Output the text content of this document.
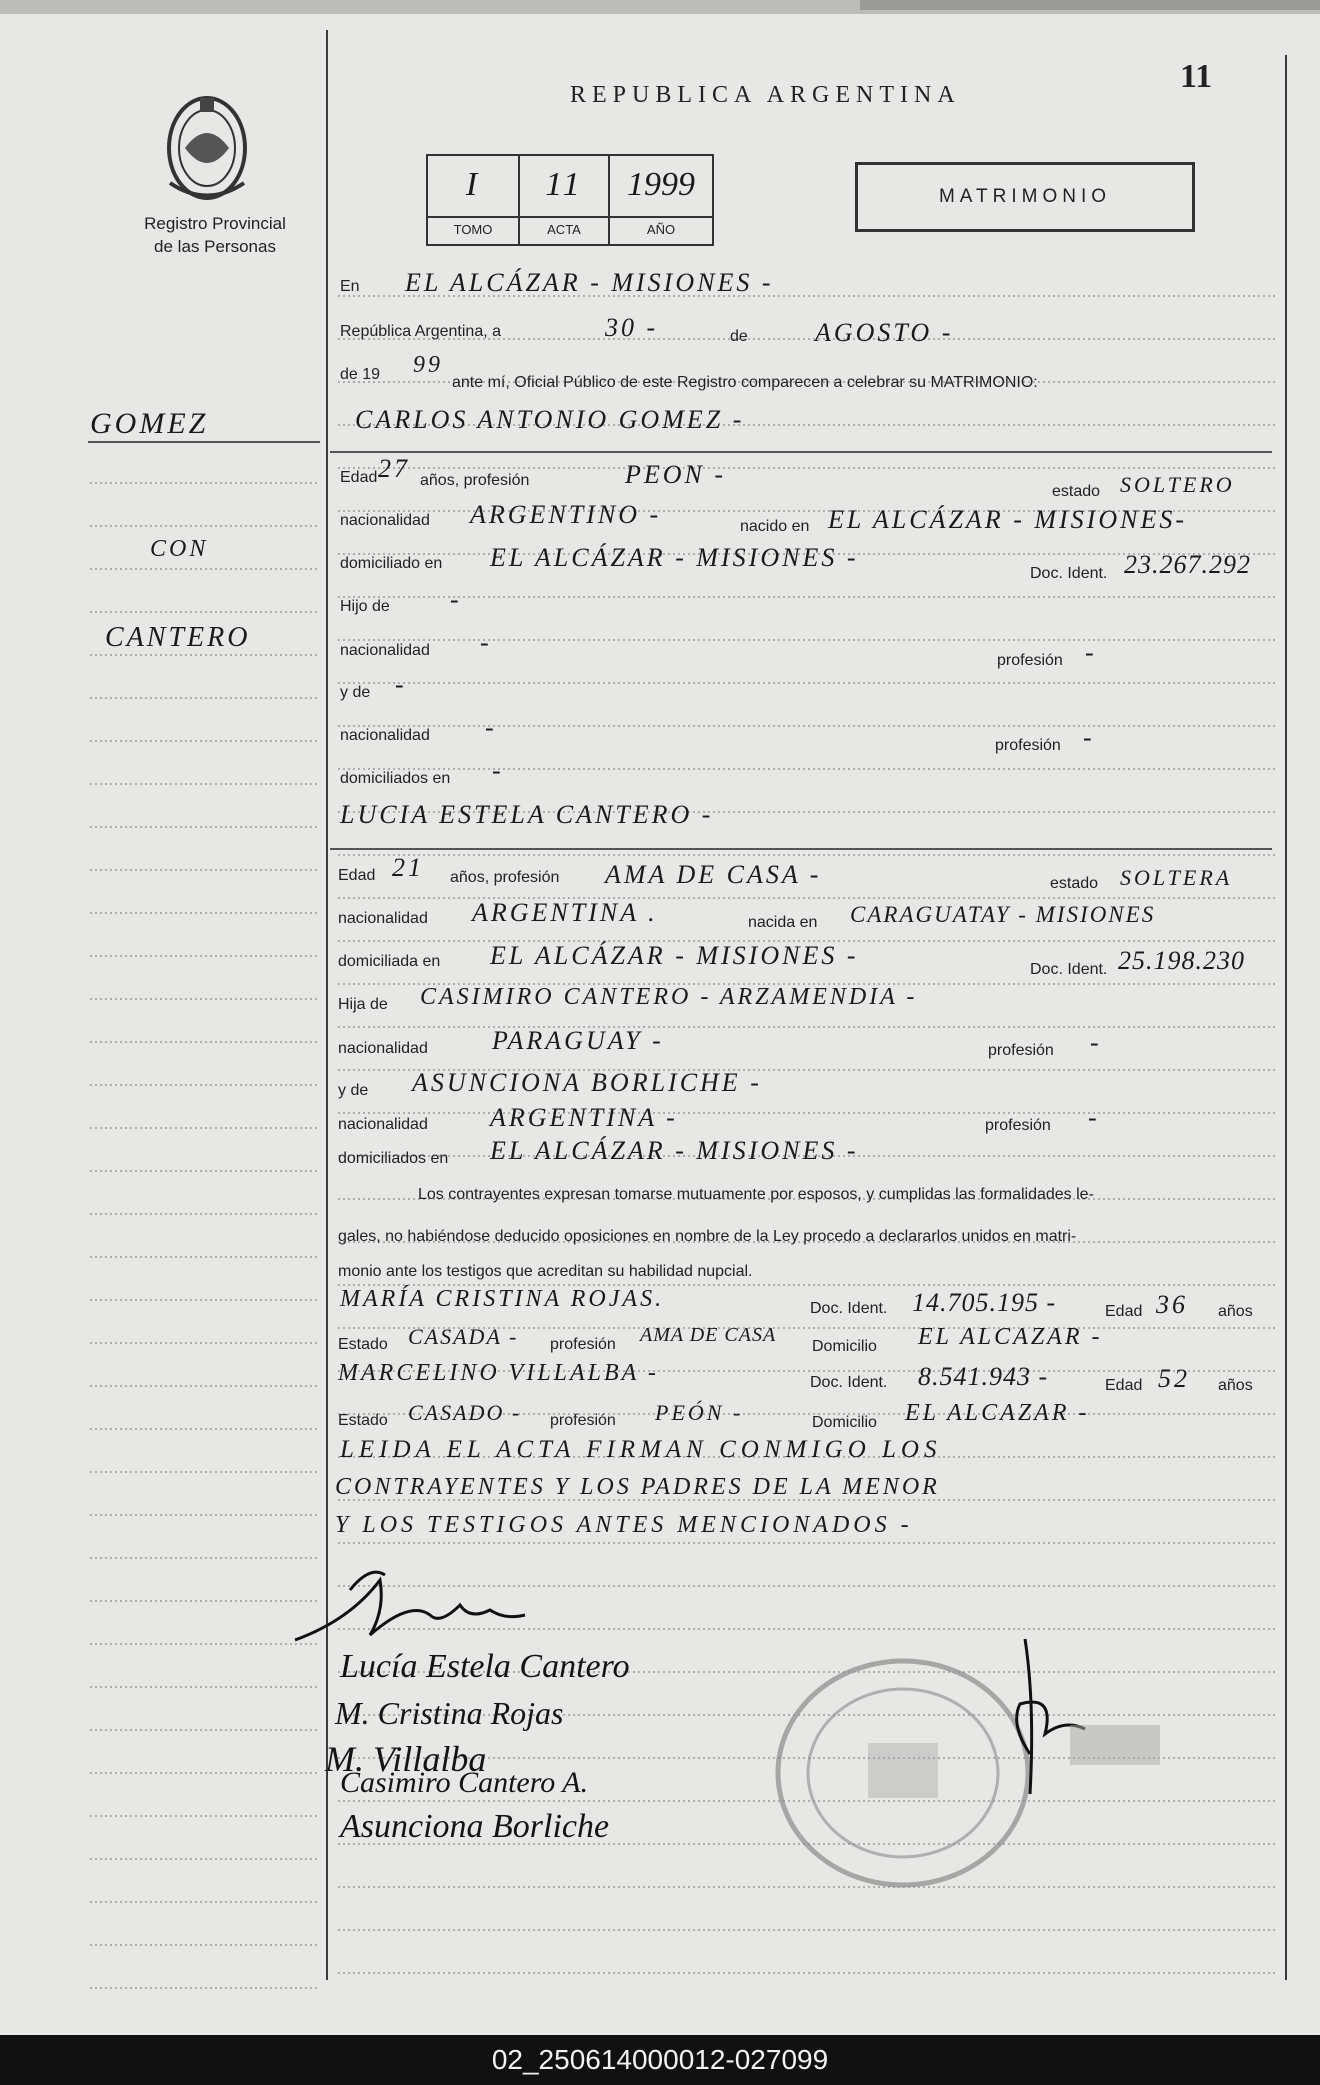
Registro Provincial
de las Personas
REPUBLICA ARGENTINA	11
I	11	1999
TOMO	ACTA	AÑO
MATRIMONIO
GOMEZ
CON
CANTERO
En EL ALCÁZAR - MISIONES -
República Argentina, a	30 -	de	AGOSTO -
de 19 99
ante mí, Oficial Público de este Registro comparecen a celebrar su MATRIMONIO:
CARLOS ANTONIO GOMEZ -
Edad 27 años, profesión	PEON -
estado SOLTERO
nacionalidad ARGENTINO -	nacido en EL ALCÁZAR - MISIONES-
domiciliado en EL ALCÁZAR - MISIONES -
Doc. Ident. 23.267.292
Hijo de -
nacionalidad -
profesión -
y de -
nacionalidad -
profesión -
domiciliados en -
LUCIA ESTELA CANTERO -
Edad 21 años, profesión AMA DE CASA -	estado SOLTERA
nacionalidad ARGENTINA .	nacida en CARAGUATAY - MISIONES
domiciliada en EL ALCÁZAR - MISIONES -	Doc. Ident. 25.198.230
Hija de CASIMIRO CANTERO - ARZAMENDIA -
nacionalidad PARAGUAY -	profesión -
y de ASUNCIONA BORLICHE -
nacionalidad ARGENTINA -	profesión -
domiciliados en EL ALCÁZAR - MISIONES -
Los contrayentes expresan tomarse mutuamente por esposos, y cumplidas las formalidades le-
gales, no habiéndose deducido oposiciones en nombre de la Ley procedo a declararlos unidos en matri-
monio ante los testigos que acreditan su habilidad nupcial.
MARÍA CRISTINA ROJAS.	Doc. Ident. 14.705.195 -	Edad 36 años
Estado CASADA - profesión AMA DE CASA
Domicilio EL ALCAZAR -
MARCELINO VILLALBA -	Doc. Ident. 8.541.943 -	Edad 52 años
Estado CASADO - profesión PEÓN -	Domicilio EL ALCAZAR -
LEIDA EL ACTA FIRMAN CONMIGO LOS
CONTRAYENTES Y LOS PADRES DE LA MENOR
Y LOS TESTIGOS ANTES MENCIONADOS -
Lucía Estela Cantero
M. Cristina Rojas
M. Villalba
Casimiro Cantero A.
Asunciona Borliche
02_250614000012-027099
